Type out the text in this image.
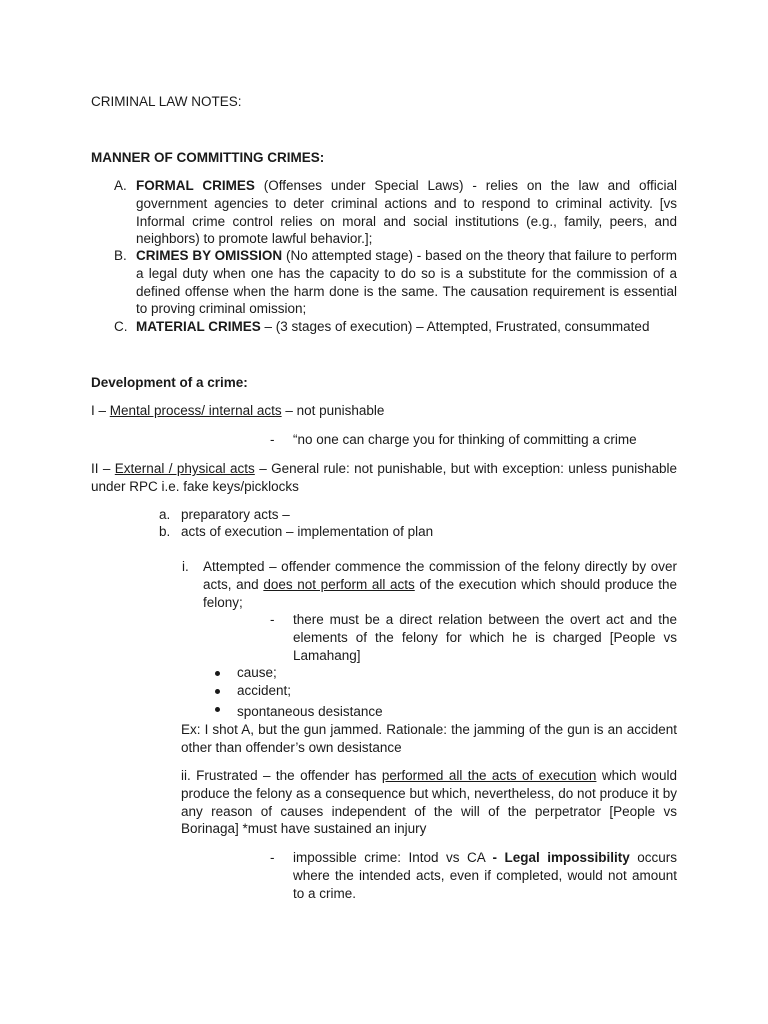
CRIMINAL LAW NOTES:
MANNER OF COMMITTING CRIMES:
A. FORMAL CRIMES (Offenses under Special Laws) - relies on the law and official government agencies to deter criminal actions and to respond to criminal activity. [vs Informal crime control relies on moral and social institutions (e.g., family, peers, and neighbors) to promote lawful behavior.];
B. CRIMES BY OMISSION (No attempted stage) - based on the theory that failure to perform a legal duty when one has the capacity to do so is a substitute for the commission of a defined offense when the harm done is the same. The causation requirement is essential to proving criminal omission;
C. MATERIAL CRIMES – (3 stages of execution) – Attempted, Frustrated, consummated
Development of a crime:
I – Mental process/ internal acts – not punishable
- “no one can charge you for thinking of committing a crime
II – External / physical acts – General rule: not punishable, but with exception: unless punishable under RPC i.e. fake keys/picklocks
a. preparatory acts –
b. acts of execution – implementation of plan
i. Attempted – offender commence the commission of the felony directly by over acts, and does not perform all acts of the execution which should produce the felony;
- there must be a direct relation between the overt act and the elements of the felony for which he is charged [People vs Lamahang]
cause;
accident;
spontaneous desistance
Ex: I shot A, but the gun jammed. Rationale: the jamming of the gun is an accident other than offender’s own desistance
ii. Frustrated – the offender has performed all the acts of execution which would produce the felony as a consequence but which, nevertheless, do not produce it by any reason of causes independent of the will of the perpetrator [People vs Borinaga] *must have sustained an injury
- impossible crime: Intod vs CA - Legal impossibility occurs where the intended acts, even if completed, would not amount to a crime.
